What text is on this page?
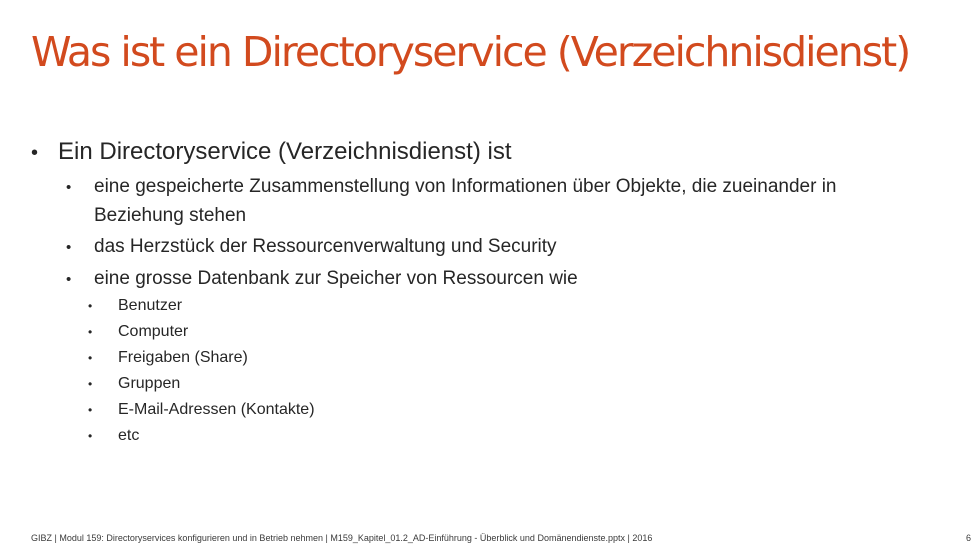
Was ist ein Directoryservice (Verzeichnisdienst)
• Ein Directoryservice (Verzeichnisdienst) ist
• eine gespeicherte Zusammenstellung von Informationen über Objekte, die zueinander in
Beziehung stehen
• das Herzstück der Ressourcenverwaltung und Security
• eine grosse Datenbank zur Speicher von Ressourcen wie
• Benutzer
• Computer
• Freigaben (Share)
• Gruppen
• E-Mail-Adressen (Kontakte)
• etc
GIBZ | Modul 159: Directoryservices konfigurieren und in Betrieb nehmen | M159_Kapitel_01.2_AD-Einführung - Überblick und Domänendienste.pptx | 2016	6
